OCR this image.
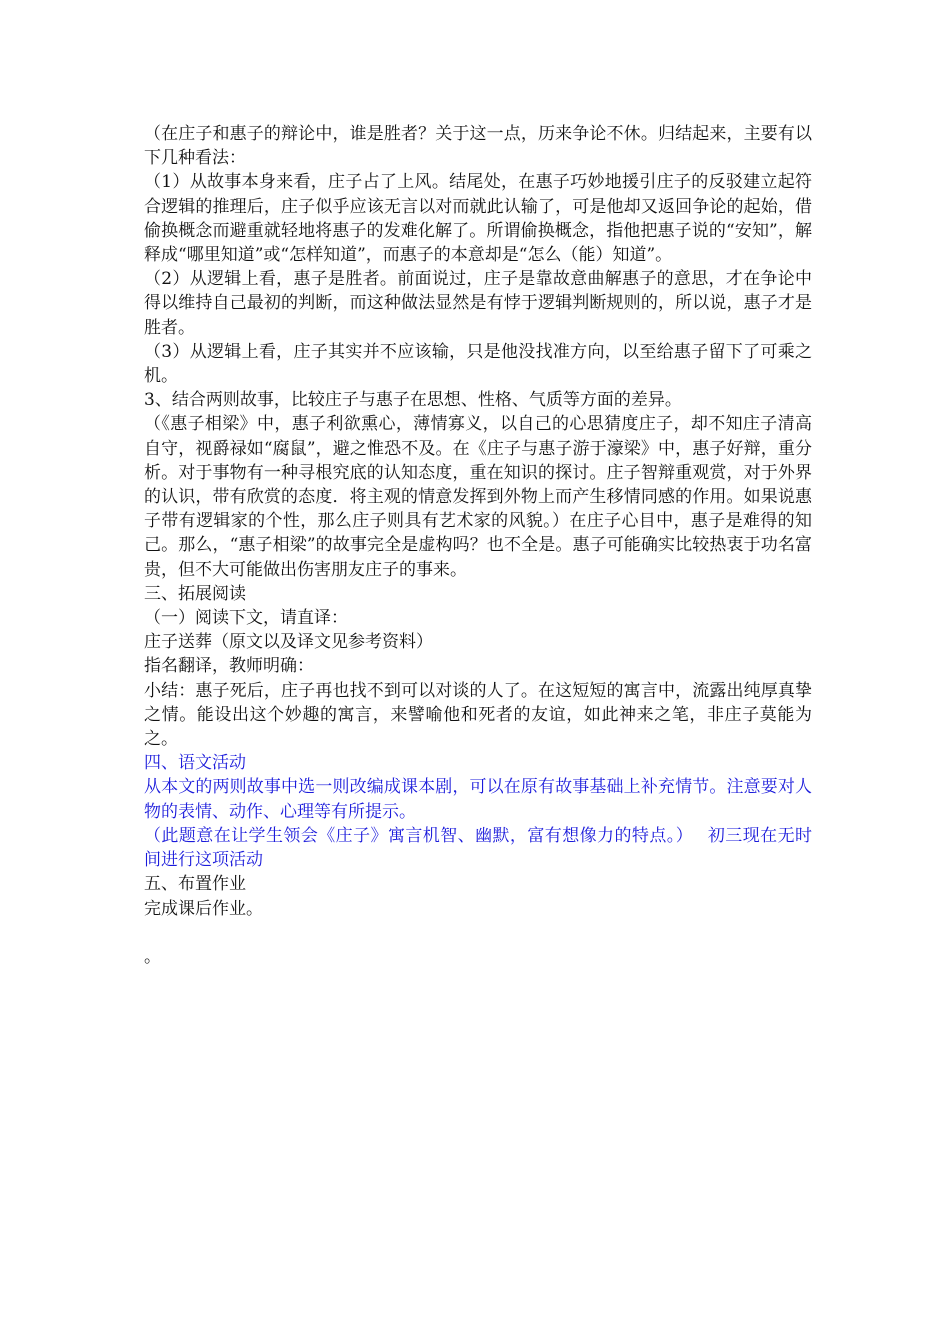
（在庄子和惠子的辩论中，谁是胜者？关于这一点，历来争论不休。归结起来，主要有以下几种看法：

（1）从故事本身来看，庄子占了上风。结尾处，在惠子巧妙地援引庄子的反驳建立起符合逻辑的推理后，庄子似乎应该无言以对而就此认输了，可是他却又返回争论的起始，借偷换概念而避重就轻地将惠子的发难化解了。所谓偷换概念，指他把惠子说的“安知”，解释成“哪里知道”或“怎样知道”，而惠子的本意却是“怎么（能）知道”。

（2）从逻辑上看，惠子是胜者。前面说过，庄子是靠故意曲解惠子的意思，才在争论中得以维持自己最初的判断，而这种做法显然是有悖于逻辑判断规则的，所以说，惠子才是胜者。

（3）从逻辑上看，庄子其实并不应该输，只是他没找准方向，以至给惠子留下了可乘之机。

3、结合两则故事，比较庄子与惠子在思想、性格、气质等方面的差异。

（《惠子相梁》中，惠子利欲熏心，薄情寡义，以自己的心思猜度庄子，却不知庄子清高自守，视爵禄如“腐鼠”，避之惟恐不及。在《庄子与惠子游于濠梁》中，惠子好辩，重分析。对于事物有一种寻根究底的认知态度，重在知识的探讨。庄子智辩重观赏，对于外界的认识，带有欣赏的态度．将主观的情意发挥到外物上而产生移情同感的作用。如果说惠子带有逻辑家的个性，那么庄子则具有艺术家的风貌。）在庄子心目中，惠子是难得的知己。那么，“惠子相梁”的故事完全是虚构吗？也不全是。惠子可能确实比较热衷于功名富贵，但不大可能做出伤害朋友庄子的事来。

三、拓展阅读

（一）阅读下文，请直译：

庄子送葬（原文以及译文见参考资料）

指名翻译，教师明确：

小结：惠子死后，庄子再也找不到可以对谈的人了。在这短短的寓言中，流露出纯厚真挚之情。能设出这个妙趣的寓言，来譬喻他和死者的友谊，如此神来之笔，非庄子莫能为之。

四、语文活动

从本文的两则故事中选一则改编成课本剧，可以在原有故事基础上补充情节。注意要对人物的表情、动作、心理等有所提示。

（此题意在让学生领会《庄子》寓言机智、幽默，富有想像力的特点。）　 初三现在无时间进行这项活动

五、布置作业

完成课后作业。

。
